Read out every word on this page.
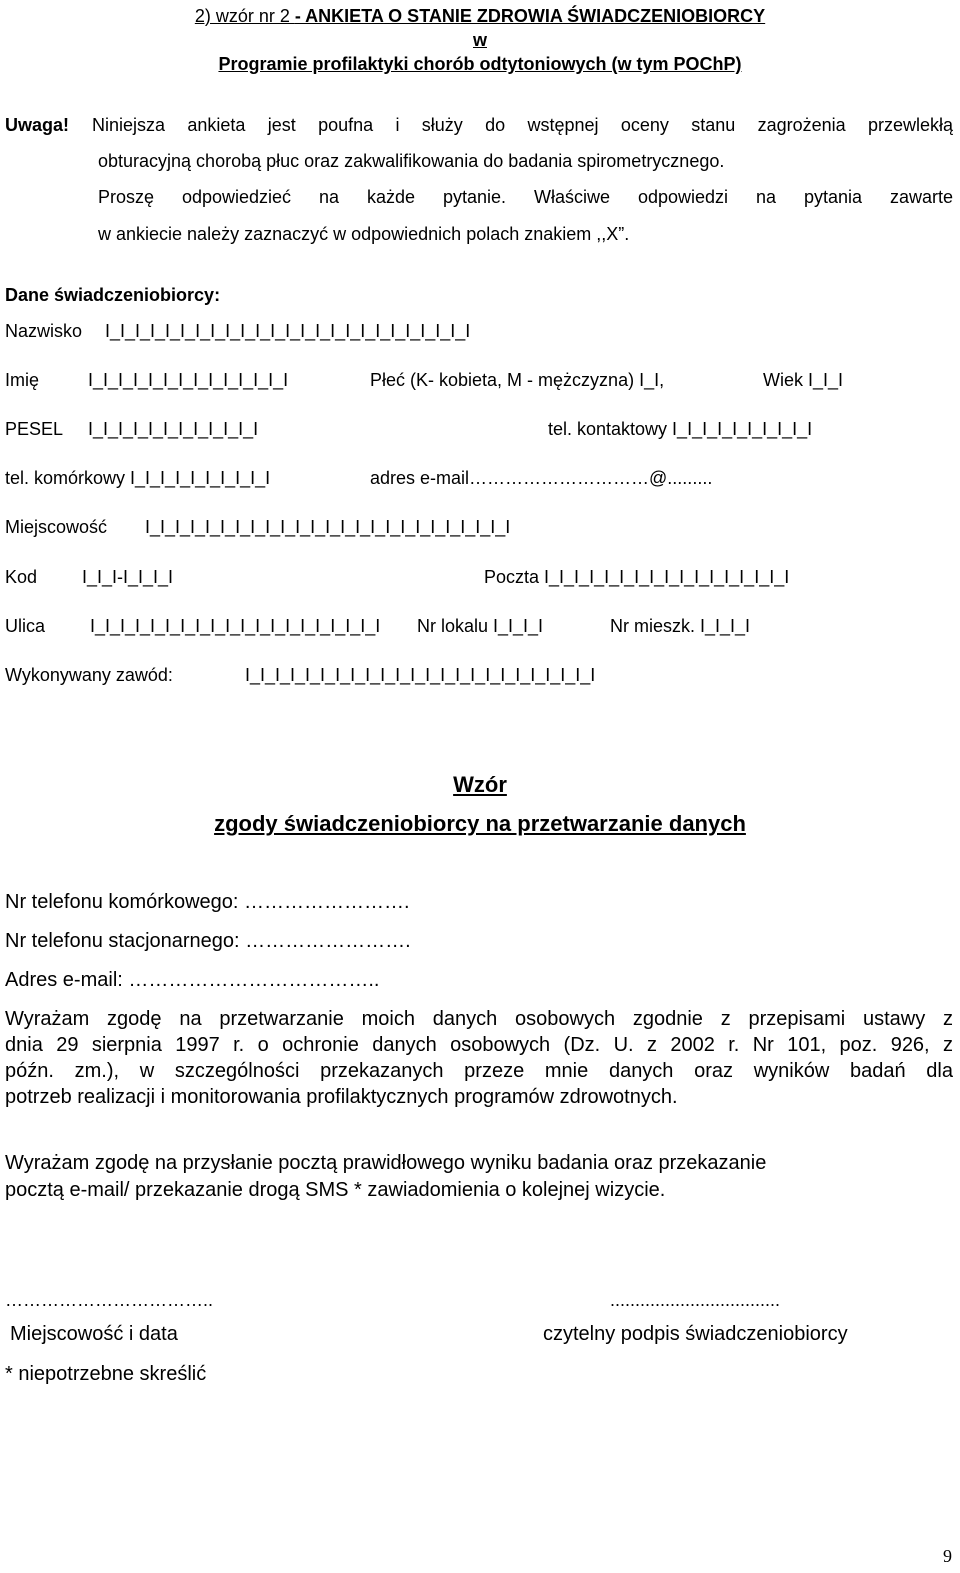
2) wzór nr 2 - ANKIETA O STANIE ZDROWIA ŚWIADCZENIOBIORCY
w
Programie profilaktyki chorób odtytoniowych (w tym POChP)
Uwaga! Niniejsza ankieta jest poufna i służy do wstępnej oceny stanu zagrożenia przewlekłą
obturacyjną chorobą płuc oraz zakwalifikowania do badania spirometrycznego.
Proszę odpowiedzieć na każde pytanie. Właściwe odpowiedzi na pytania zawarte
w ankiecie należy zaznaczyć w odpowiednich polach znakiem ,,X”.
Dane świadczeniobiorcy:
Nazwisko I_I_I_I_I_I_I_I_I_I_I_I_I_I_I_I_I_I_I_I_I_I_I_I_I
Imię	I_I_I_I_I_I_I_I_I_I_I_I_I_I	Płeć (K- kobieta, M - mężczyzna) I_I,	Wiek I_I_I
PESEL I_I_I_I_I_I_I_I_I_I_I_I	tel. kontaktowy I_I_I_I_I_I_I_I_I_I
tel. komórkowy I_I_I_I_I_I_I_I_I_I	adres e-mail…………………………@.........
Miejscowość I_I_I_I_I_I_I_I_I_I_I_I_I_I_I_I_I_I_I_I_I_I_I_I_I
Kod I_I_I-I_I_I_I	Poczta I_I_I_I_I_I_I_I_I_I_I_I_I_I_I_I_I
Ulica I_I_I_I_I_I_I_I_I_I_I_I_I_I_I_I_I_I_I_I Nr lokalu I_I_I_I	Nr mieszk. I_I_I_I
Wykonywany zawód:	I_I_I_I_I_I_I_I_I_I_I_I_I_I_I_I_I_I_I_I_I_I_I_I
Wzór
zgody świadczeniobiorcy na przetwarzanie danych
Nr telefonu komórkowego: …………………….
Nr telefonu stacjonarnego: …………………….
Adres e-mail: ………………………………..
Wyrażam zgodę na przetwarzanie moich danych osobowych zgodnie z przepisami ustawy z
dnia 29 sierpnia 1997 r. o ochronie danych osobowych (Dz. U. z 2002 r. Nr 101, poz. 926, z
późn. zm.), w szczególności przekazanych przeze mnie danych oraz wyników badań dla
potrzeb realizacji i monitorowania profilaktycznych programów zdrowotnych.
Wyrażam zgodę na przysłanie pocztą prawidłowego wyniku badania oraz przekazanie
pocztą e-mail/ przekazanie drogą SMS * zawiadomienia o kolejnej wizycie.
……………………………..	..................................
Miejscowość i data	czytelny podpis świadczeniobiorcy
* niepotrzebne skreślić
9
